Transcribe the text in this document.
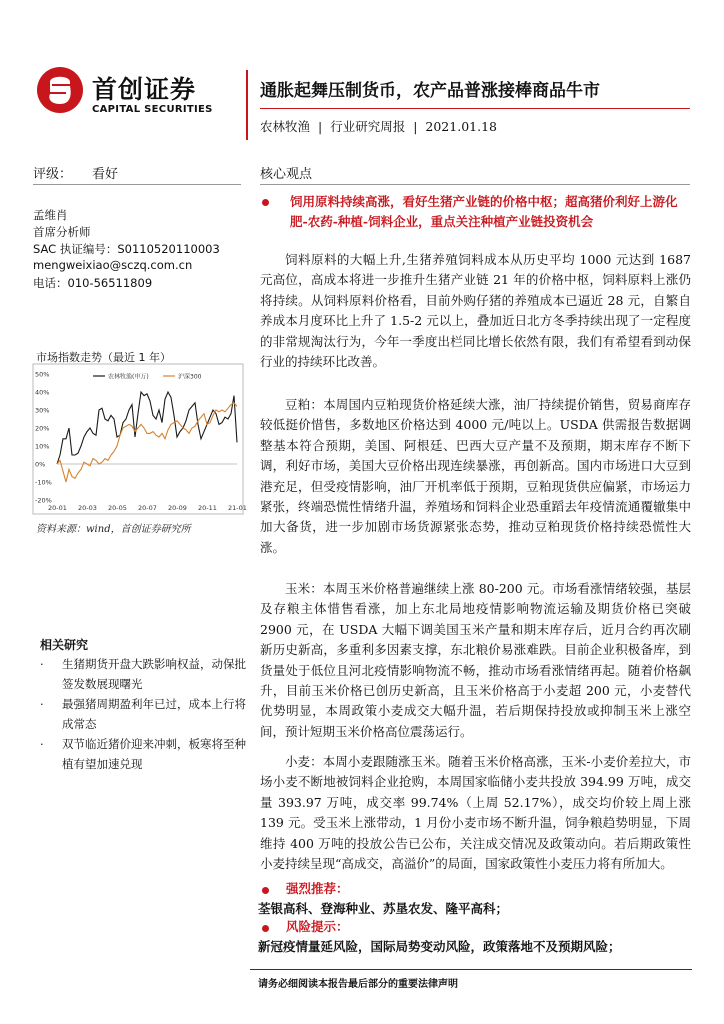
首创证券
CAPITAL SECURITIES
通胀起舞压制货币，农产品普涨接棒商品牛市
农林牧渔 | 行业研究周报 | 2021.01.18
评级： 看好	核心观点
孟维肖
首席分析师
SAC 执证编号：S0110520110003
mengweixiao@sczq.com.cn
电话：010-56511809
市场指数走势（最近 1 年）
50%
40%
30%
20%
10%
0%
-10%
-20%
20-01 20-03 20-05 20-07 20-09 20-11 21-01
农林牧渔(申万)	沪深300
资料来源：wind，首创证券研究所
相关研究
·	生猪期货开盘大跌影响权益，动保批签发数展现曙光
·	最强猪周期盈利年已过，成本上行将成常态
·	双节临近猪价迎来冲刺，板寒将至种植有望加速兑现
饲用原料持续高涨，看好生猪产业链的价格中枢；超高猪价利好上游化肥-农药-种植-饲料企业，重点关注种植产业链投资机会
饲料原料的大幅上升,生猪养殖饲料成本从历史平均 1000 元达到 1687 元高位，高成本将进一步推升生猪产业链 21 年的价格中枢，饲料原料上涨仍将持续。从饲料原料价格看，目前外购仔猪的养殖成本已逼近 28 元，自繁自养成本月度环比上升了 1.5-2 元以上，叠加近日北方冬季持续出现了一定程度的非常规淘汰行为，今年一季度出栏同比增长依然有限，我们有希望看到动保行业的持续环比改善。
豆粕：本周国内豆粕现货价格延续大涨，油厂持续提价销售，贸易商库存较低挺价惜售，多数地区价格达到 4000 元/吨以上。USDA 供需报告数据调整基本符合预期，美国、阿根廷、巴西大豆产量不及预期，期末库存不断下调，利好市场，美国大豆价格出现连续暴涨，再创新高。国内市场进口大豆到港充足，但受疫情影响，油厂开机率低于预期，豆粕现货供应偏紧，市场运力紧张，终端恐慌性情绪升温，养殖场和饲料企业恐重蹈去年疫情流通覆辙集中加大备货，进一步加剧市场货源紧张态势，推动豆粕现货价格持续恐慌性大涨。
玉米：本周玉米价格普遍继续上涨 80-200 元。市场看涨情绪较强，基层及存粮主体惜售看涨，加上东北局地疫情影响物流运输及期货价格已突破 2900 元，在 USDA 大幅下调美国玉米产量和期末库存后，近月合约再次刷新历史新高，多重利多因素支撑，东北粮价易涨难跌。目前企业积极备库，到货量处于低位且河北疫情影响物流不畅，推动市场看涨情绪再起。随着价格飙升，目前玉米价格已创历史新高，且玉米价格高于小麦超 200 元，小麦替代优势明显，本周政策小麦成交大幅升温，若后期保持投放或抑制玉米上涨空间，预计短期玉米价格高位震荡运行。
小麦：本周小麦跟随涨玉米。随着玉米价格高涨，玉米-小麦价差拉大，市场小麦不断地被饲料企业抢购，本周国家临储小麦共投放 394.99 万吨，成交量 393.97 万吨，成交率 99.74%（上周 52.17%），成交均价较上周上涨 139 元。受玉米上涨带动，1 月份小麦市场不断升温，饲争粮趋势明显，下周维持 400 万吨的投放公告已公布，关注成交情况及政策动向。若后期政策性小麦持续呈现“高成交，高溢价”的局面，国家政策性小麦压力将有所加大。
强烈推荐：
荃银高科、登海种业、苏垦农发、隆平高科；
风险提示：
新冠疫情量延风险，国际局势变动风险，政策落地不及预期风险；
请务必细阅读本报告最后部分的重要法律声明
